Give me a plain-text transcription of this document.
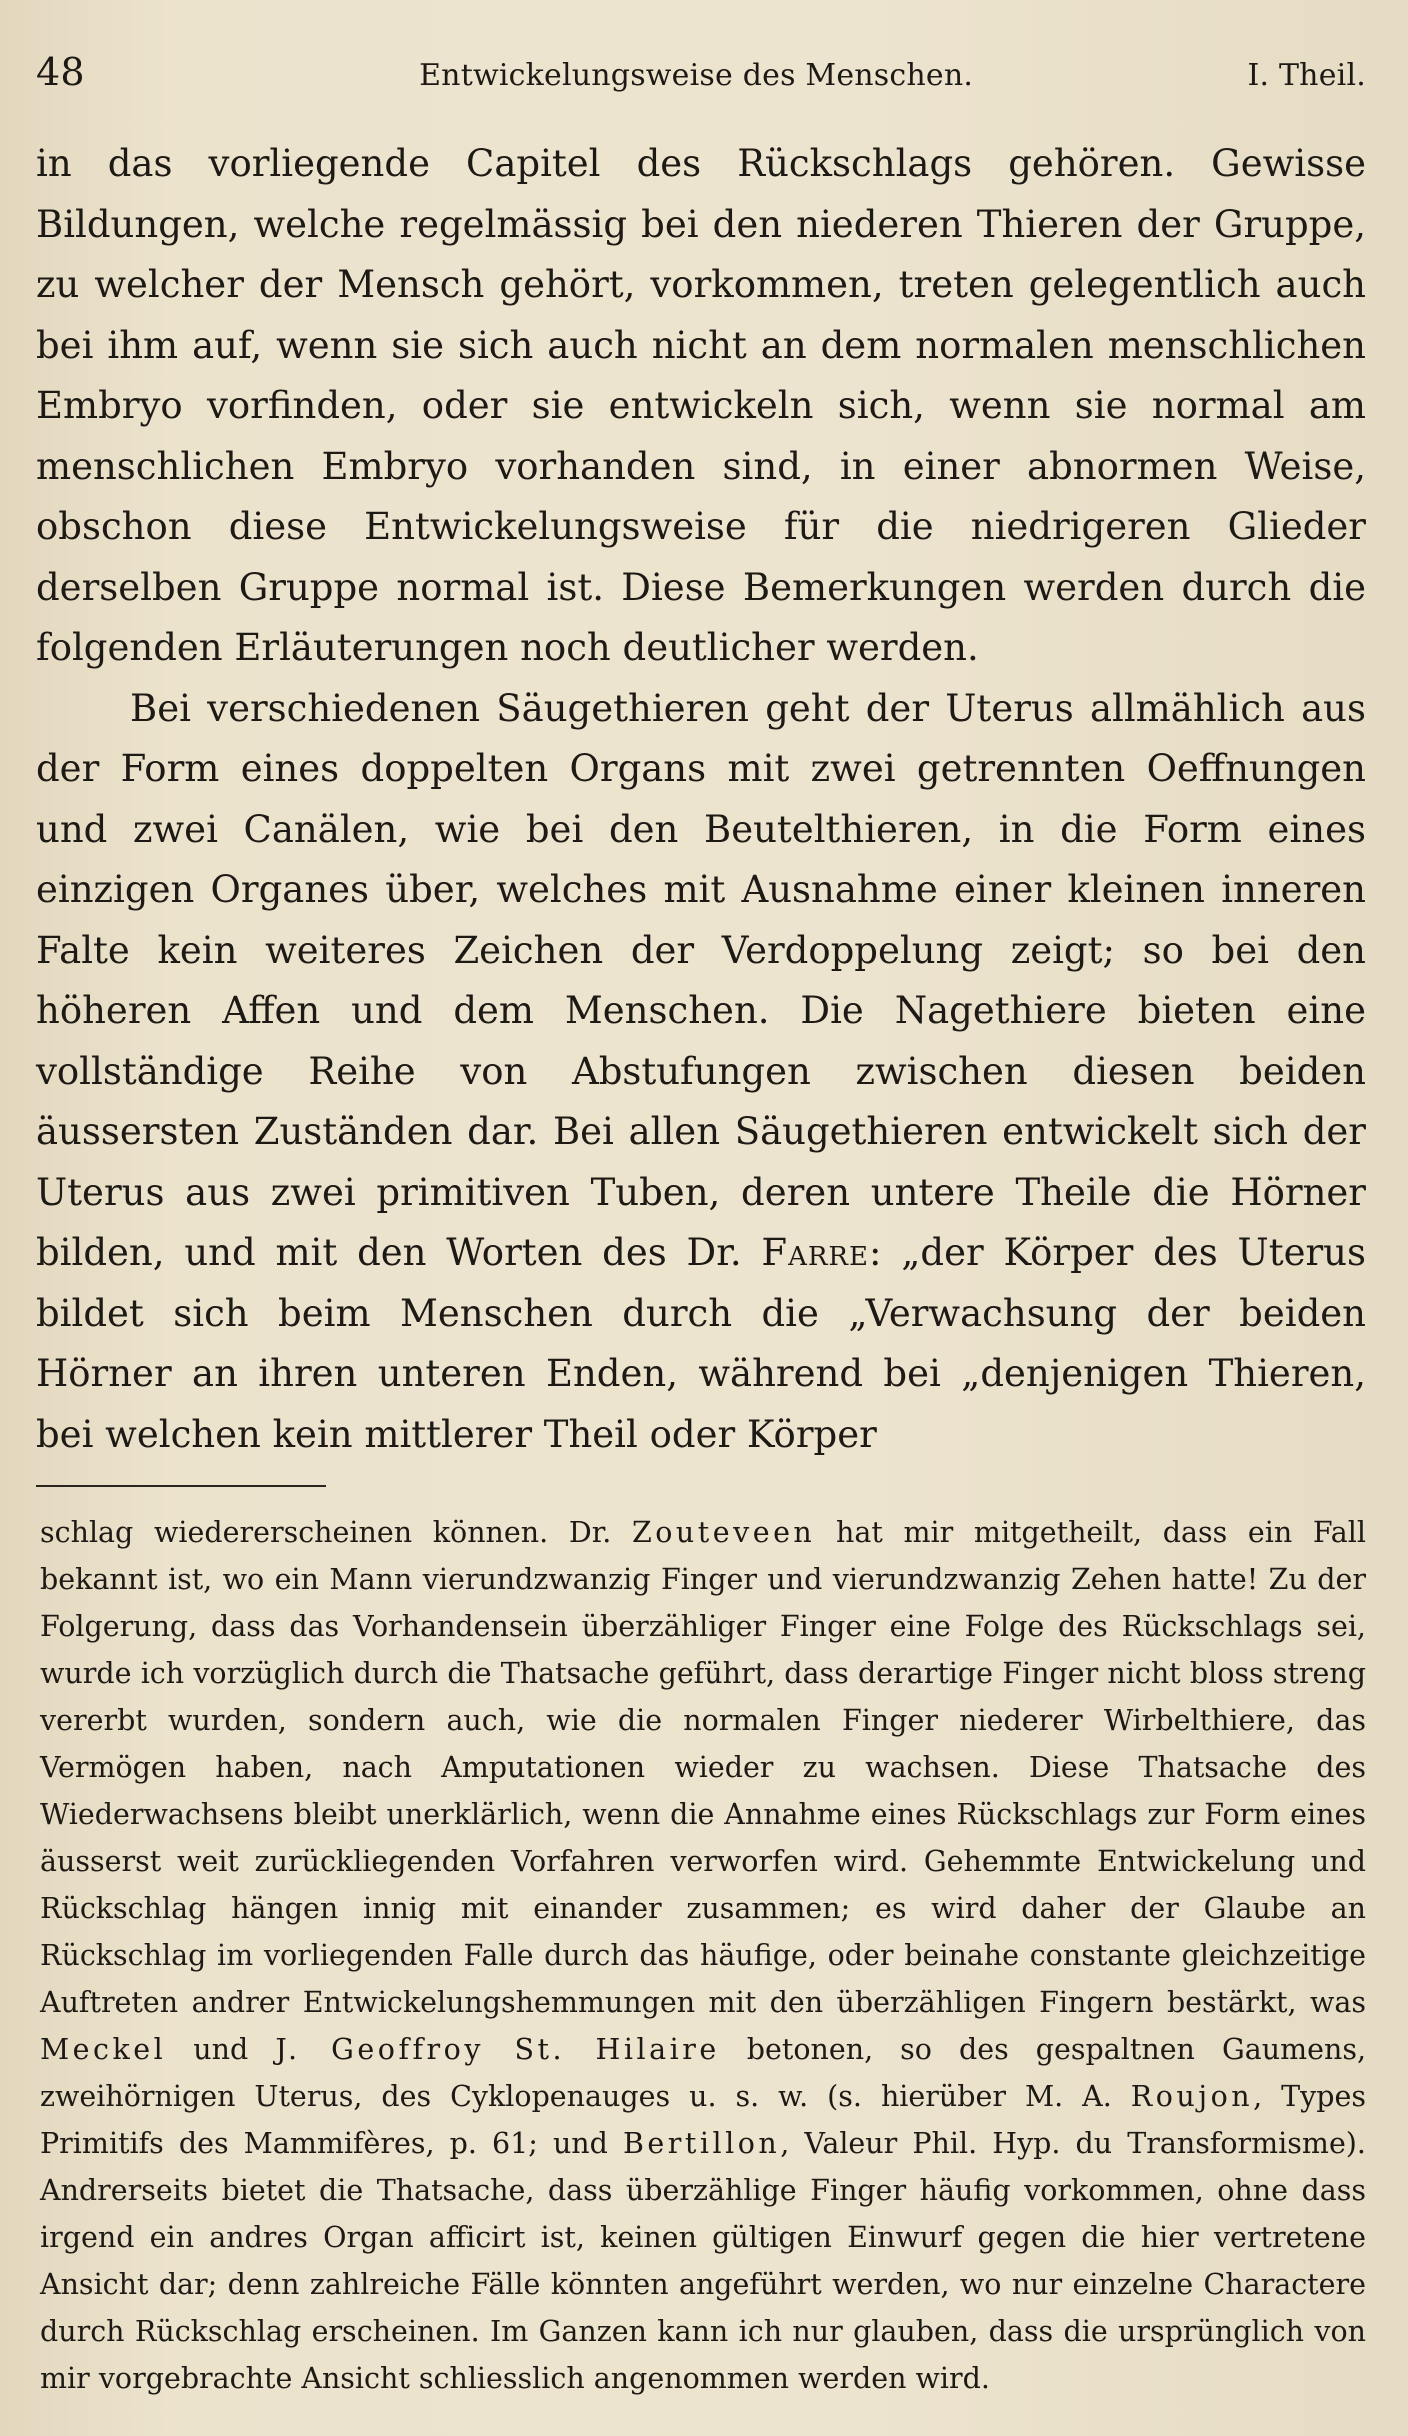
48	Entwickelungsweise des Menschen.	I. Theil.

in das vorliegende Capitel des Rückschlags gehören. Gewisse Bildungen, welche regelmässig bei den niederen Thieren der Gruppe, zu welcher der Mensch gehört, vorkommen, treten gelegentlich auch bei ihm auf, wenn sie sich auch nicht an dem normalen menschlichen Embryo vorfinden, oder sie entwickeln sich, wenn sie normal am menschlichen Embryo vorhanden sind, in einer abnormen Weise, obschon diese Entwickelungsweise für die niedrigeren Glieder derselben Gruppe normal ist. Diese Bemerkungen werden durch die folgenden Erläuterungen noch deutlicher werden.

Bei verschiedenen Säugethieren geht der Uterus allmählich aus der Form eines doppelten Organs mit zwei getrennten Oeffnungen und zwei Canälen, wie bei den Beutelthieren, in die Form eines einzigen Organes über, welches mit Ausnahme einer kleinen inneren Falte kein weiteres Zeichen der Verdoppelung zeigt; so bei den höheren Affen und dem Menschen. Die Nagethiere bieten eine vollständige Reihe von Abstufungen zwischen diesen beiden äussersten Zuständen dar. Bei allen Säugethieren entwickelt sich der Uterus aus zwei primitiven Tuben, deren untere Theile die Hörner bilden, und mit den Worten des Dr. Farre: „der Körper des Uterus bildet sich beim Menschen durch die „Verwachsung der beiden Hörner an ihren unteren Enden, während bei „denjenigen Thieren, bei welchen kein mittlerer Theil oder Körper

schlag wiedererscheinen können. Dr. Zouteveen hat mir mitgetheilt, dass ein Fall bekannt ist, wo ein Mann vierundzwanzig Finger und vierundzwanzig Zehen hatte! Zu der Folgerung, dass das Vorhandensein überzähliger Finger eine Folge des Rückschlags sei, wurde ich vorzüglich durch die Thatsache geführt, dass derartige Finger nicht bloss streng vererbt wurden, sondern auch, wie die normalen Finger niederer Wirbelthiere, das Vermögen haben, nach Amputationen wieder zu wachsen. Diese Thatsache des Wiederwachsens bleibt unerklärlich, wenn die Annahme eines Rückschlags zur Form eines äusserst weit zurückliegenden Vorfahren verworfen wird. Gehemmte Entwickelung und Rückschlag hängen innig mit einander zusammen; es wird daher der Glaube an Rückschlag im vorliegenden Falle durch das häufige, oder beinahe constante gleichzeitige Auftreten andrer Entwickelungshemmungen mit den überzähligen Fingern bestärkt, was Meckel und J. Geoffroy St. Hilaire betonen, so des gespaltnen Gaumens, zweihörnigen Uterus, des Cyklopenauges u. s. w. (s. hierüber M. A. Roujon, Types Primitifs des Mammifères, p. 61; und Bertillon, Valeur Phil. Hyp. du Transformisme). Andrerseits bietet die Thatsache, dass überzählige Finger häufig vorkommen, ohne dass irgend ein andres Organ afficirt ist, keinen gültigen Einwurf gegen die hier vertretene Ansicht dar; denn zahlreiche Fälle könnten angeführt werden, wo nur einzelne Charactere durch Rückschlag erscheinen. Im Ganzen kann ich nur glauben, dass die ursprünglich von mir vorgebrachte Ansicht schliesslich angenommen werden wird.
